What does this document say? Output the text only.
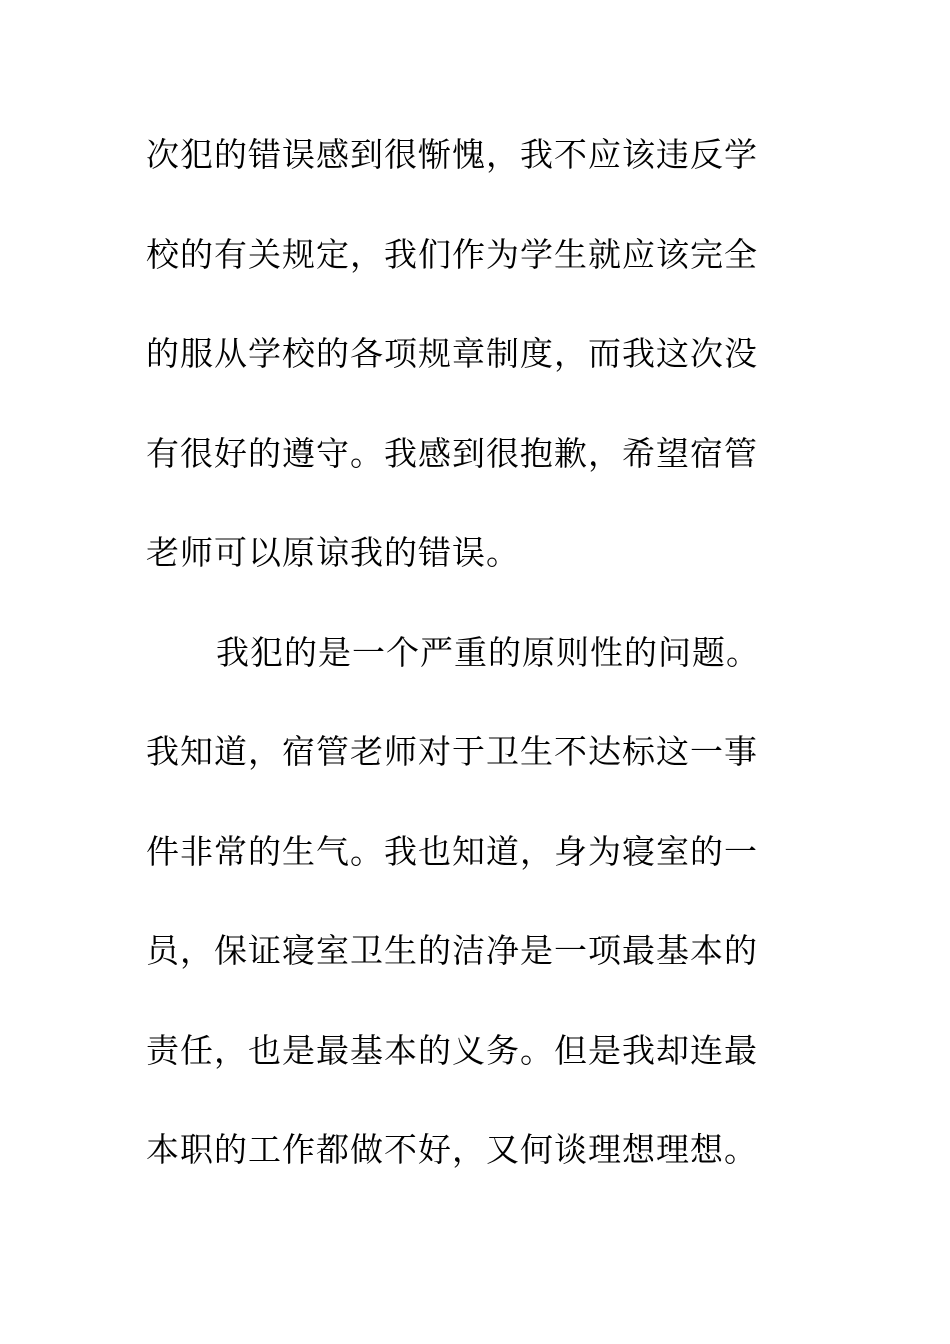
次犯的错误感到很惭愧，我不应该违反学
校的有关规定，我们作为学生就应该完全
的服从学校的各项规章制度，而我这次没
有很好的遵守。我感到很抱歉，希望宿管
老师可以原谅我的错误。
我犯的是一个严重的原则性的问题。
我知道，宿管老师对于卫生不达标这一事
件非常的生气。我也知道，身为寝室的一
员，保证寝室卫生的洁净是一项最基本的
责任，也是最基本的义务。但是我却连最
本职的工作都做不好，又何谈理想理想。
